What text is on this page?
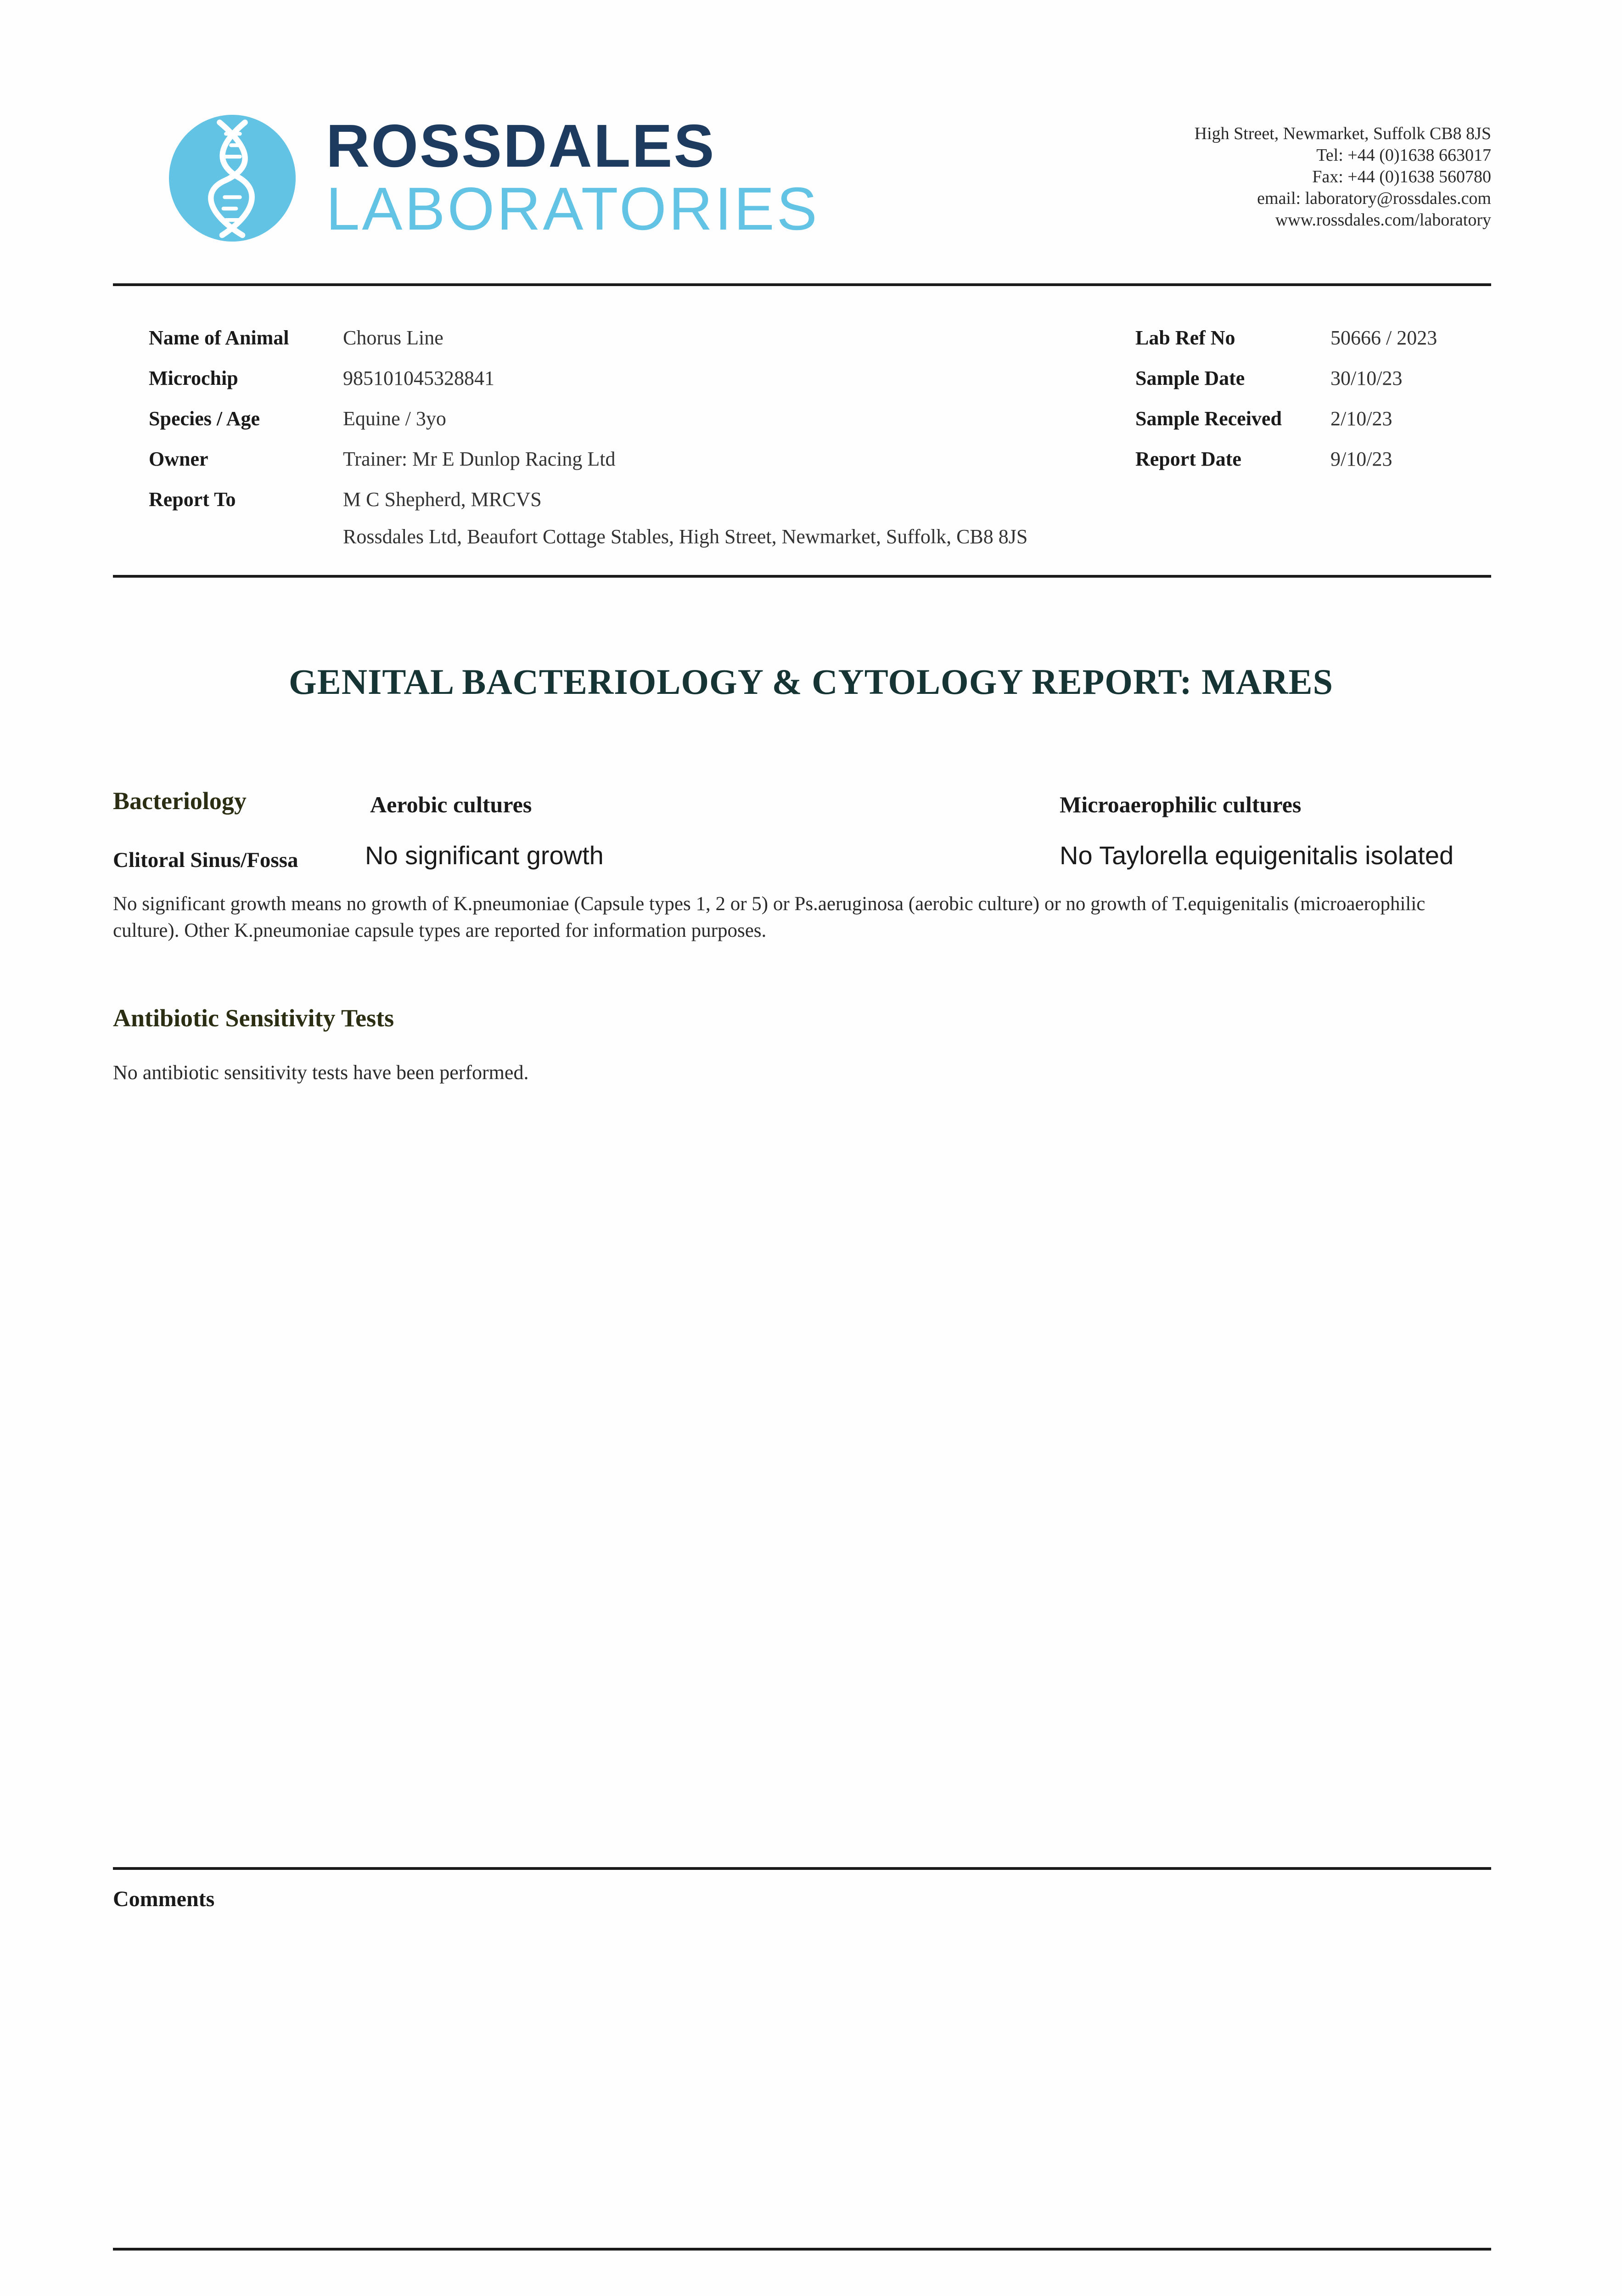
ROSSDALES
LABORATORIES
High Street, Newmarket, Suffolk CB8 8JS
Tel: +44 (0)1638 663017
Fax: +44 (0)1638 560780
email: laboratory@rossdales.com
www.rossdales.com/laboratory
Name of Animal	Chorus Line
Microchip	985101045328841
Species / Age	Equine / 3yo
Owner	Trainer: Mr E Dunlop Racing Ltd
Report To	M C Shepherd, MRCVS
Rossdales Ltd, Beaufort Cottage Stables, High Street, Newmarket, Suffolk, CB8 8JS
Lab Ref No	50666 / 2023
Sample Date	30/10/23
Sample Received 2/10/23
Report Date	9/10/23
GENITAL BACTERIOLOGY & CYTOLOGY REPORT: MARES
Bacteriology	Aerobic cultures	Microaerophilic cultures
Clitoral Sinus/Fossa	No significant growth	No Taylorella equigenitalis isolated
No significant growth means no growth of K.pneumoniae (Capsule types 1, 2 or 5) or Ps.aeruginosa (aerobic culture) or no growth of T.equigenitalis (microaerophilic culture). Other K.pneumoniae capsule types are reported for information purposes.
Antibiotic Sensitivity Tests
No antibiotic sensitivity tests have been performed.
Comments
